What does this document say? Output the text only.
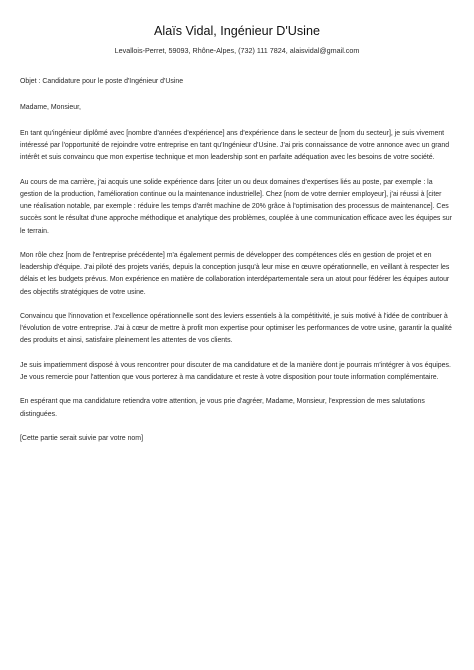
Alaïs Vidal, Ingénieur D'Usine
Levallois-Perret, 59093, Rhône-Alpes, (732) 111 7824, alaisvidal@gmail.com

Objet : Candidature pour le poste d'Ingénieur d'Usine

Madame, Monsieur,

En tant qu'ingénieur diplômé avec [nombre d'années d'expérience] ans d'expérience dans le secteur de [nom du secteur], je suis vivement intéressé par l'opportunité de rejoindre votre entreprise en tant qu'Ingénieur d'Usine. J'ai pris connaissance de votre annonce avec un grand intérêt et suis convaincu que mon expertise technique et mon leadership sont en parfaite adéquation avec les besoins de votre société.

Au cours de ma carrière, j'ai acquis une solide expérience dans [citer un ou deux domaines d'expertises liés au poste, par exemple : la gestion de la production, l'amélioration continue ou la maintenance industrielle]. Chez [nom de votre dernier employeur], j'ai réussi à [citer une réalisation notable, par exemple : réduire les temps d'arrêt machine de 20% grâce à l'optimisation des processus de maintenance]. Ces succès sont le résultat d'une approche méthodique et analytique des problèmes, couplée à une communication efficace avec les équipes sur le terrain.

Mon rôle chez [nom de l'entreprise précédente] m'a également permis de développer des compétences clés en gestion de projet et en leadership d'équipe. J'ai piloté des projets variés, depuis la conception jusqu'à leur mise en œuvre opérationnelle, en veillant à respecter les délais et les budgets prévus. Mon expérience en matière de collaboration interdépartementale sera un atout pour fédérer les équipes autour des objectifs stratégiques de votre usine.

Convaincu que l'innovation et l'excellence opérationnelle sont des leviers essentiels à la compétitivité, je suis motivé à l'idée de contribuer à l'évolution de votre entreprise. J'ai à cœur de mettre à profit mon expertise pour optimiser les performances de votre usine, garantir la qualité des produits et ainsi, satisfaire pleinement les attentes de vos clients.

Je suis impatiemment disposé à vous rencontrer pour discuter de ma candidature et de la manière dont je pourrais m'intégrer à vos équipes. Je vous remercie pour l'attention que vous porterez à ma candidature et reste à votre disposition pour toute information complémentaire.

En espérant que ma candidature retiendra votre attention, je vous prie d'agréer, Madame, Monsieur, l'expression de mes salutations distinguées.

[Cette partie serait suivie par votre nom]
